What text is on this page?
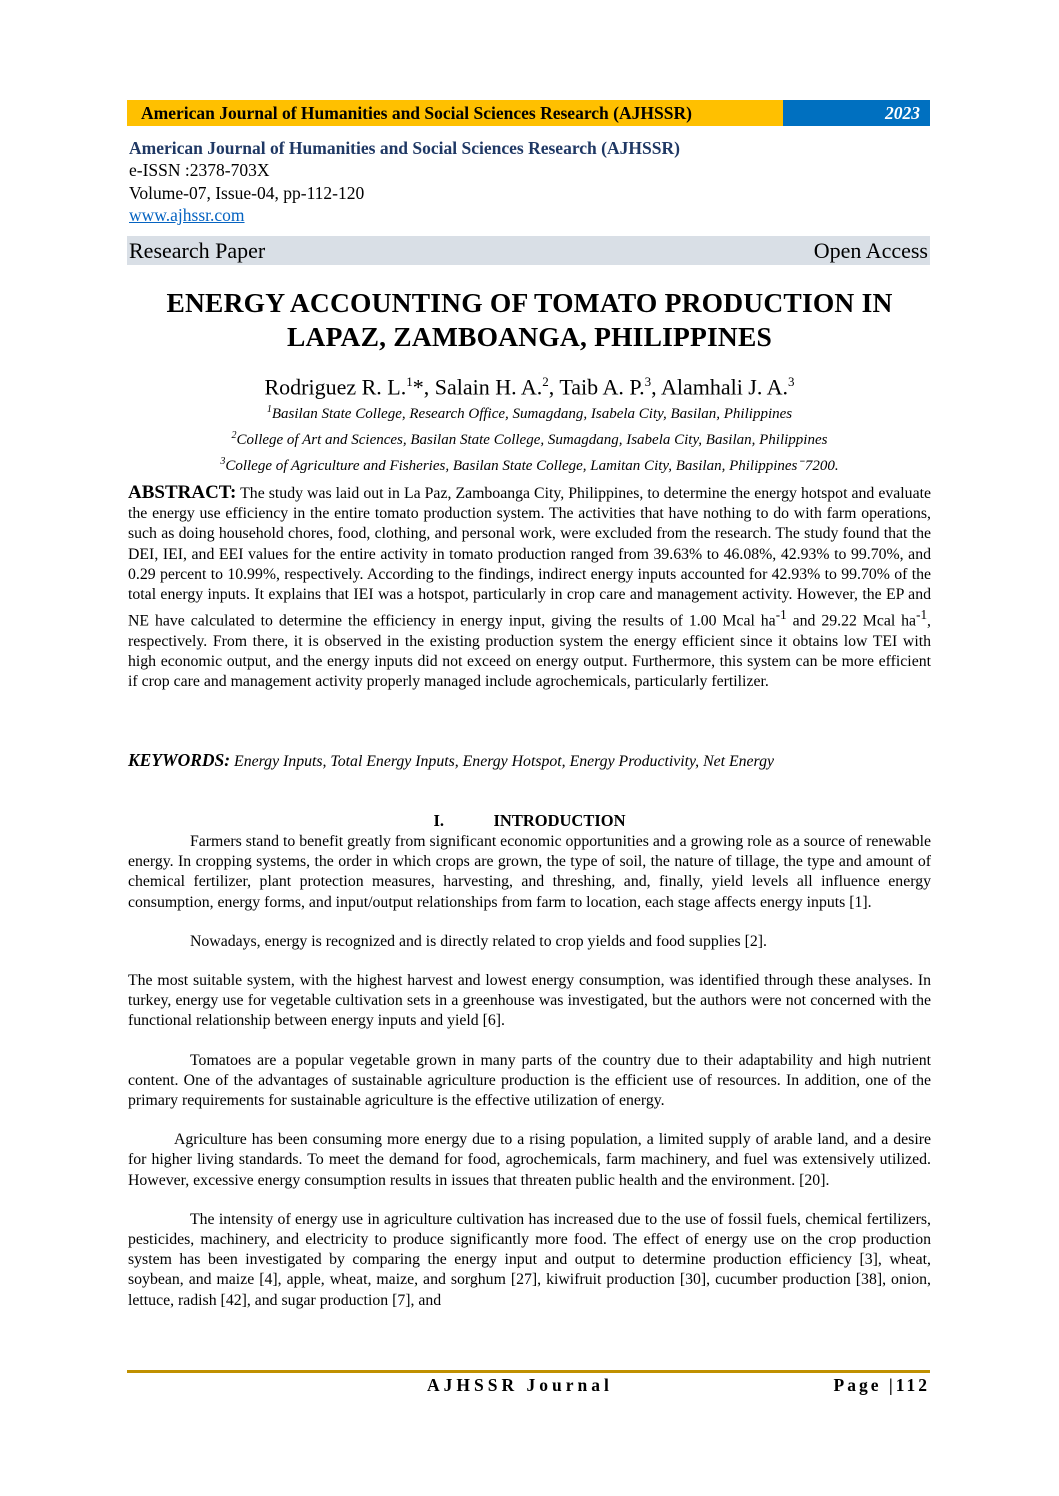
American Journal of Humanities and Social Sciences Research (AJHSSR)	2023
American Journal of Humanities and Social Sciences Research (AJHSSR)
e-ISSN :2378-703X
Volume-07, Issue-04, pp-112-120
www.ajhssr.com
Research Paper	Open Access
ENERGY ACCOUNTING OF TOMATO PRODUCTION IN
LAPAZ, ZAMBOANGA, PHILIPPINES
Rodriguez R. L.$^1$*, Salain H. A.$^2$, Taib A. P.$^3$, Alamhali J. A.$^3$
$^1$Basilan State College, Research Office, Sumagdang, Isabela City, Basilan, Philippines
$^2$College of Art and Sciences, Basilan State College, Sumagdang, Isabela City, Basilan, Philippines
$^3$College of Agriculture and Fisheries, Basilan State College, Lamitan City, Basilan, Philippines ̄ 7200.
ABSTRACT: The study was laid out in La Paz, Zamboanga City, Philippines, to determine the energy hotspot and evaluate the energy use efficiency in the entire tomato production system. The activities that have nothing to do with farm operations, such as doing household chores, food, clothing, and personal work, were excluded from the research. The study found that the DEI, IEI, and EEI values for the entire activity in tomato production ranged from 39.63% to 46.08%, 42.93% to 99.70%, and 0.29 percent to 10.99%, respectively. According to the findings, indirect energy inputs accounted for 42.93% to 99.70% of the total energy inputs. It explains that IEI was a hotspot, particularly in crop care and management activity. However, the EP and NE have calculated to determine the efficiency in energy input, giving the results of 1.00 Mcal $ha^{-1}$ and 29.22 Mcal $ha^{-1}$, respectively. From there, it is observed in the existing production system the energy efficient since it obtains low TEI with high economic output, and the energy inputs did not exceed on energy output. Furthermore, this system can be more efficient if crop care and management activity properly managed include agrochemicals, particularly fertilizer.
KEYWORDS: Energy Inputs, Total Energy Inputs, Energy Hotspot, Energy Productivity, Net Energy
I.	INTRODUCTION

Farmers stand to benefit greatly from significant economic opportunities and a growing role as a source of renewable energy. In cropping systems, the order in which crops are grown, the type of soil, the nature of tillage, the type and amount of chemical fertilizer, plant protection measures, harvesting, and threshing, and, finally, yield levels all influence energy consumption, energy forms, and input/output relationships from farm to location, each stage affects energy inputs [1].

Nowadays, energy is recognized and is directly related to crop yields and food supplies [2].

The most suitable system, with the highest harvest and lowest energy consumption, was identified through these analyses. In turkey, energy use for vegetable cultivation sets in a greenhouse was investigated, but the authors were not concerned with the functional relationship between energy inputs and yield [6].

Tomatoes are a popular vegetable grown in many parts of the country due to their adaptability and high nutrient content. One of the advantages of sustainable agriculture production is the efficient use of resources. In addition, one of the primary requirements for sustainable agriculture is the effective utilization of energy.

Agriculture has been consuming more energy due to a rising population, a limited supply of arable land, and a desire for higher living standards. To meet the demand for food, agrochemicals, farm machinery, and fuel was extensively utilized. However, excessive energy consumption results in issues that threaten public health and the environment. [20].

The intensity of energy use in agriculture cultivation has increased due to the use of fossil fuels, chemical fertilizers, pesticides, machinery, and electricity to produce significantly more food. The effect of energy use on the crop production system has been investigated by comparing the energy input and output to determine production efficiency [3], wheat, soybean, and maize [4], apple, wheat, maize, and sorghum [27], kiwifruit production [30], cucumber production [38], onion, lettuce, radish [42], and sugar production [7], and

AJHSSR Journal	Page |112
